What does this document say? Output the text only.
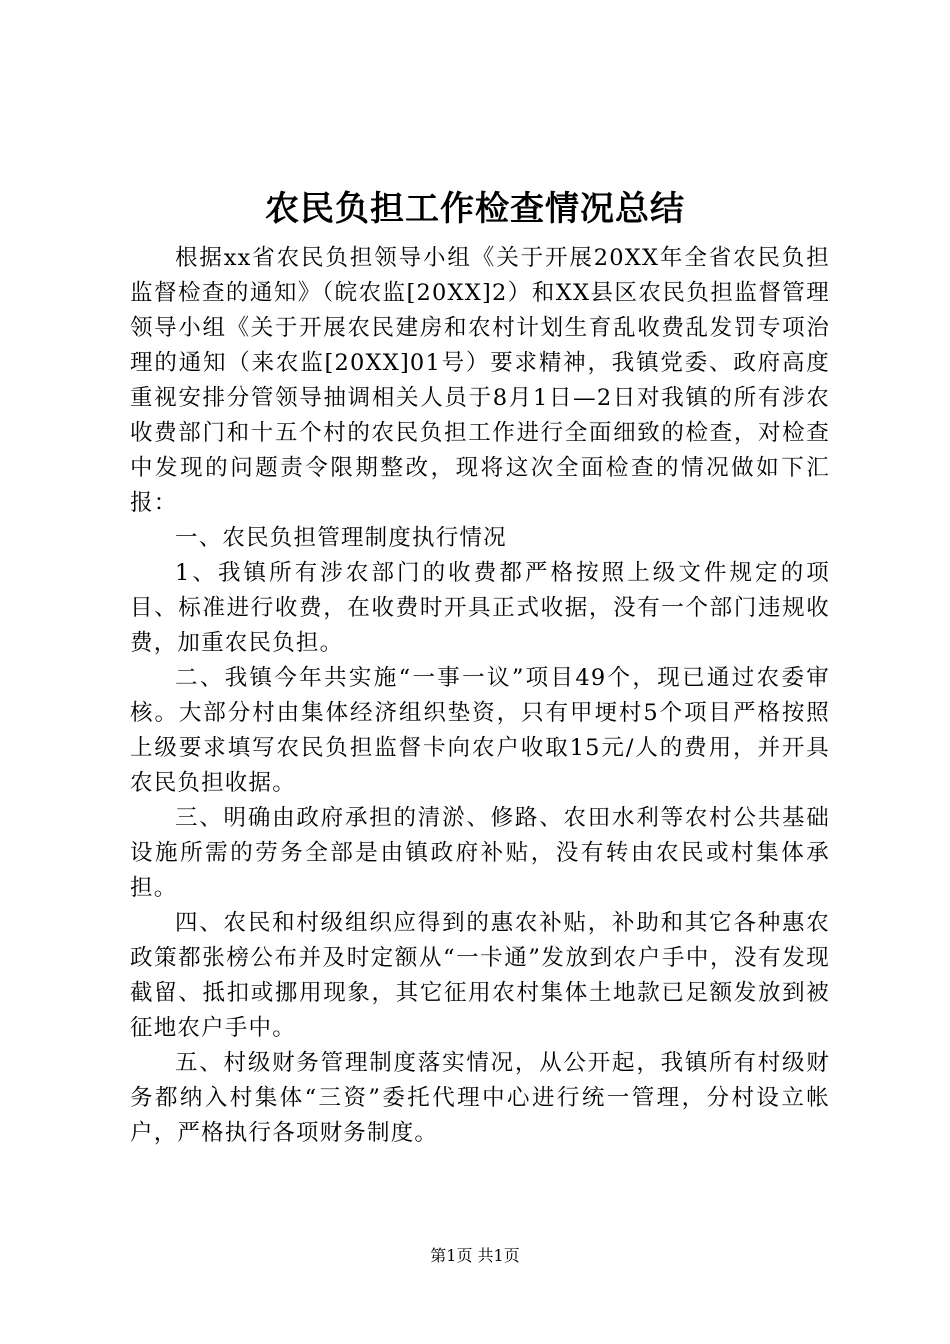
农民负担工作检查情况总结

根据xx省农民负担领导小组《关于开展20XX年全省农民负担监督检查的通知》（皖农监[20XX]2）和XX县区农民负担监督管理领导小组《关于开展农民建房和农村计划生育乱收费乱发罚专项治理的通知（来农监[20XX]01号）要求精神，我镇党委、政府高度重视安排分管领导抽调相关人员于8月1日—2日对我镇的所有涉农收费部门和十五个村的农民负担工作进行全面细致的检查，对检查中发现的问题责令限期整改，现将这次全面检查的情况做如下汇报：

一、农民负担管理制度执行情况

1、我镇所有涉农部门的收费都严格按照上级文件规定的项目、标准进行收费，在收费时开具正式收据，没有一个部门违规收费，加重农民负担。

二、我镇今年共实施“一事一议”项目49个，现已通过农委审核。大部分村由集体经济组织垫资，只有甲埂村5个项目严格按照上级要求填写农民负担监督卡向农户收取15元/人的费用，并开具农民负担收据。

三、明确由政府承担的清淤、修路、农田水利等农村公共基础设施所需的劳务全部是由镇政府补贴，没有转由农民或村集体承担。

四、农民和村级组织应得到的惠农补贴，补助和其它各种惠农政策都张榜公布并及时定额从“一卡通”发放到农户手中，没有发现截留、抵扣或挪用现象，其它征用农村集体土地款已足额发放到被征地农户手中。

五、村级财务管理制度落实情况，从公开起，我镇所有村级财务都纳入村集体“三资”委托代理中心进行统一管理，分村设立帐户，严格执行各项财务制度。

第1页 共1页
